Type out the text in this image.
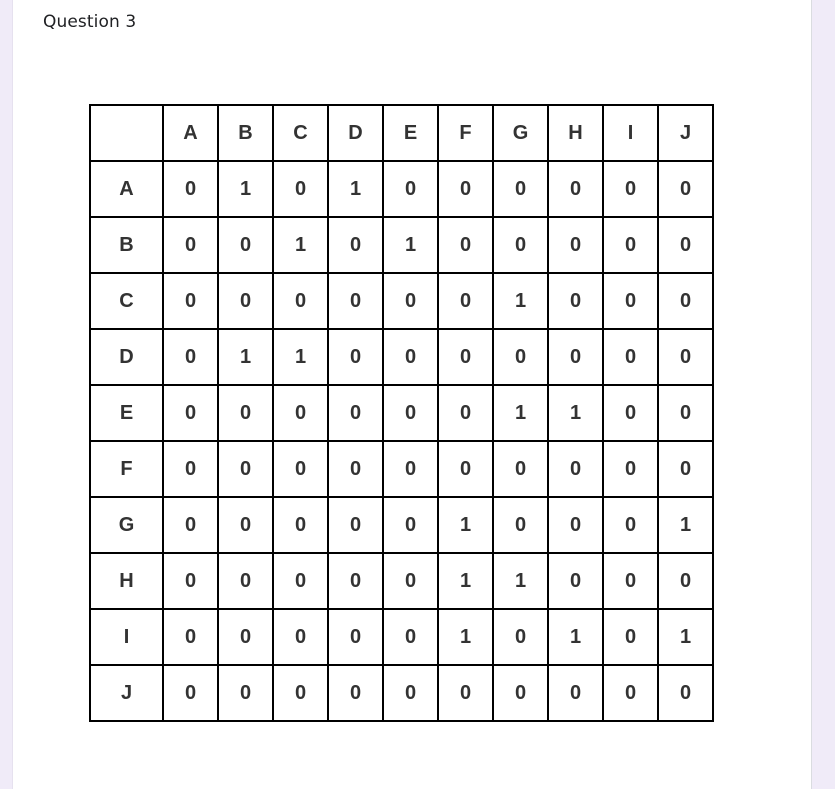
Question 3
	A	B	C	D	E	F	G	H	I	J
A	0	1	0	1	0	0	0	0	0	0
B	0	0	1	0	1	0	0	0	0	0
C	0	0	0	0	0	0	1	0	0	0
D	0	1	1	0	0	0	0	0	0	0
E	0	0	0	0	0	0	1	1	0	0
F	0	0	0	0	0	0	0	0	0	0
G	0	0	0	0	0	1	0	0	0	1
H	0	0	0	0	0	1	1	0	0	0
I	0	0	0	0	0	1	0	1	0	1
J	0	0	0	0	0	0	0	0	0	0
